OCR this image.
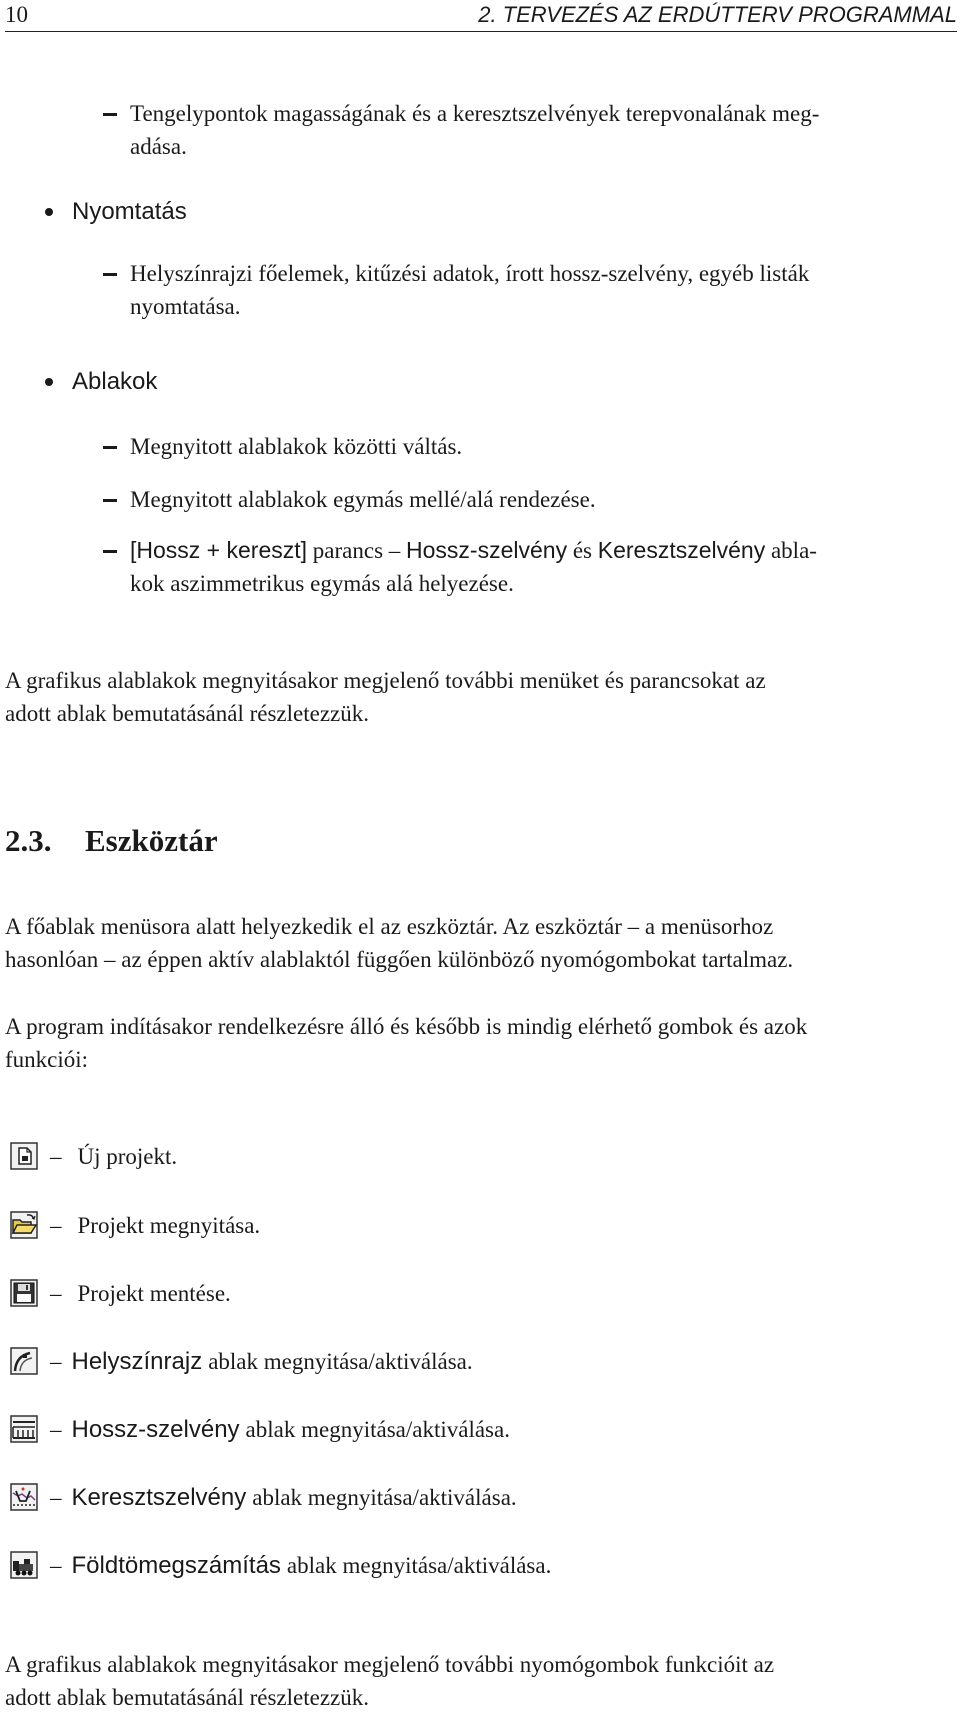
10	2. TERVEZÉS AZ ERDÚTTERV PROGRAMMAL
Tengelypontok magasságának és a keresztszelvények terepvonalának meg-
adása.
Nyomtatás
Helyszínrajzi főelemek, kitűzési adatok, írott hossz-szelvény, egyéb listák
nyomtatása.
Ablakok
Megnyitott alablakok közötti váltás.
Megnyitott alablakok egymás mellé/alá rendezése.
[Hossz + kereszt] parancs – Hossz-szelvény és Keresztszelvény abla-
kok aszimmetrikus egymás alá helyezése.
A grafikus alablakok megnyitásakor megjelenő további menüket és parancsokat az
adott ablak bemutatásánál részletezzük.
2.3. Eszköztár
A főablak menüsora alatt helyezkedik el az eszköztár. Az eszköztár – a menüsorhoz
hasonlóan – az éppen aktív alablaktól függően különböző nyomógombokat tartalmaz.
A program indításakor rendelkezésre álló és később is mindig elérhető gombok és azok
funkciói:
– Új projekt.
– Projekt megnyitása.
– Projekt mentése.
– Helyszínrajz ablak megnyitása/aktiválása.
– Hossz-szelvény ablak megnyitása/aktiválása.
– Keresztszelvény ablak megnyitása/aktiválása.
– Földtömegszámítás ablak megnyitása/aktiválása.
A grafikus alablakok megnyitásakor megjelenő további nyomógombok funkcióit az
adott ablak bemutatásánál részletezzük.
